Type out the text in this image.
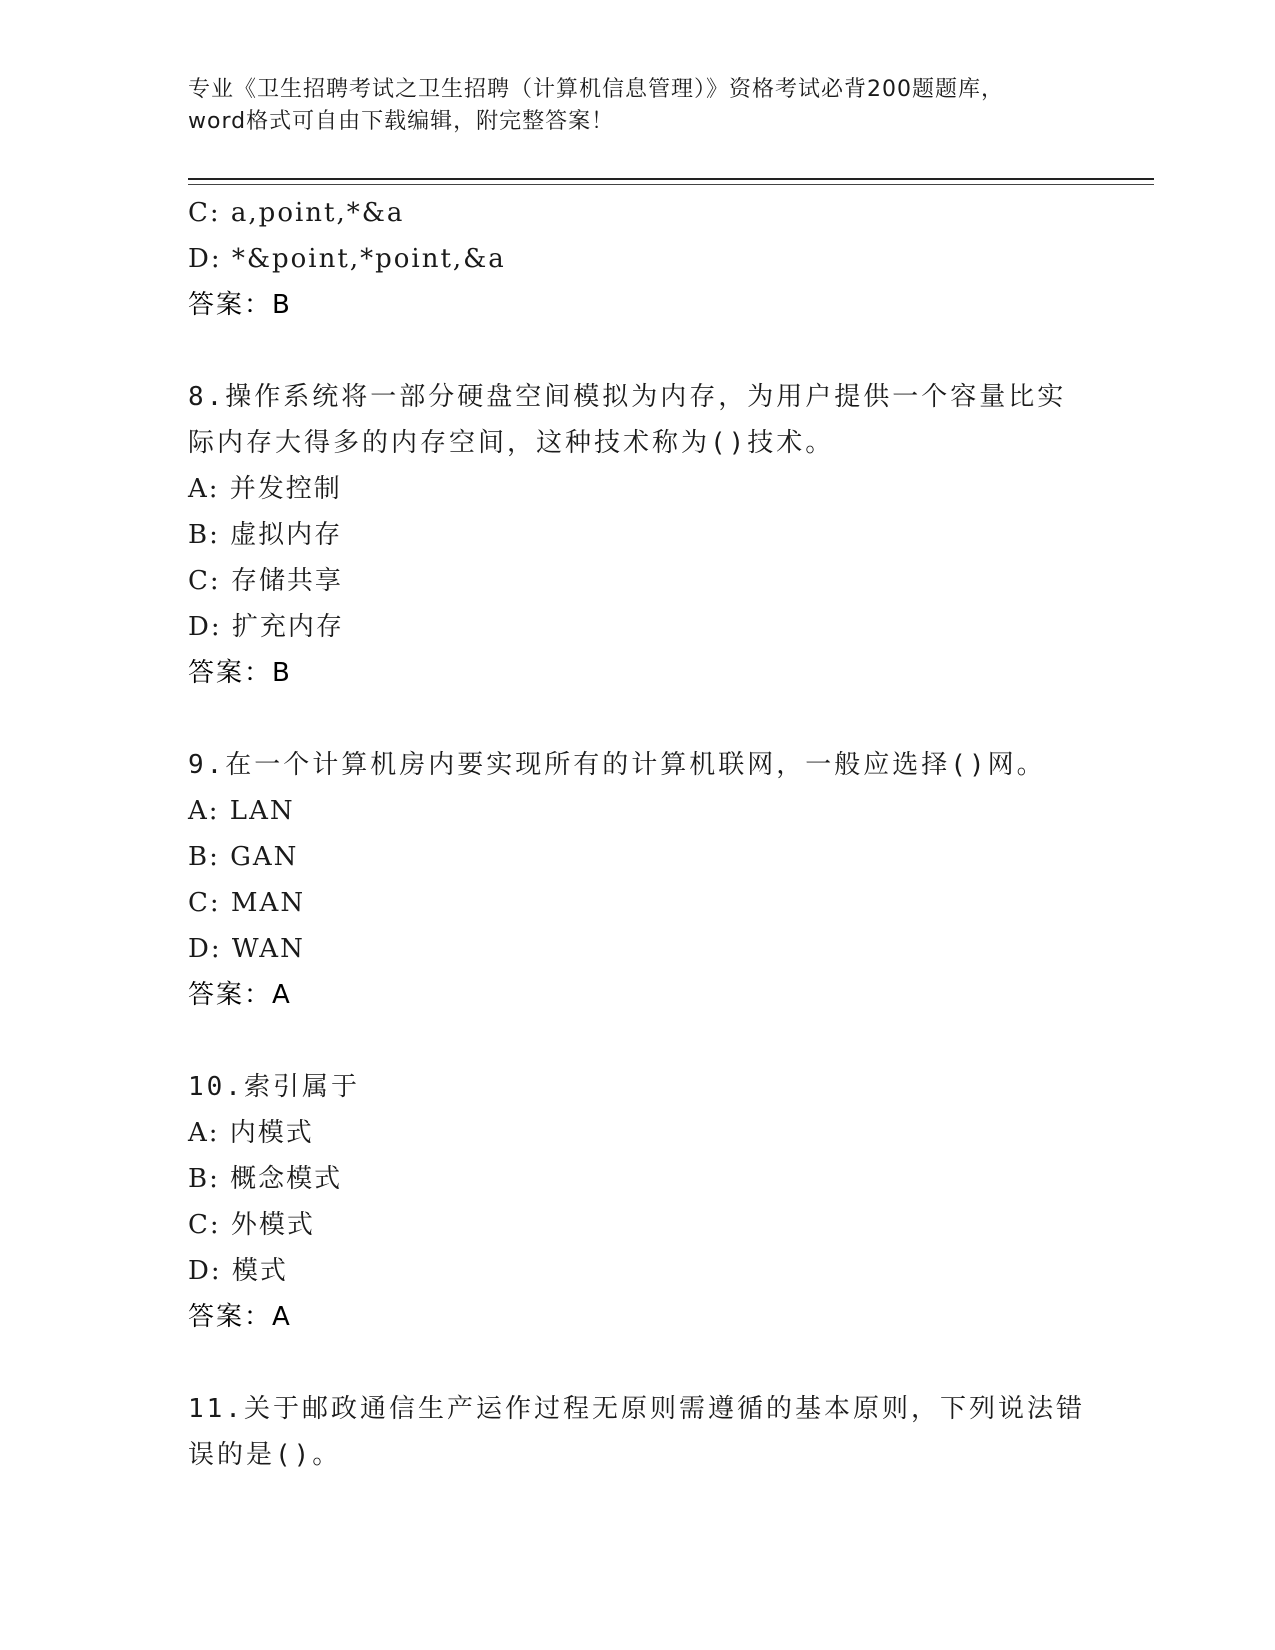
专业《卫生招聘考试之卫生招聘（计算机信息管理）》资格考试必背200题题库，
word格式可自由下载编辑，附完整答案！
C: a,point,*&a
D: *&point,*point,&a
答案：B
8.操作系统将一部分硬盘空间模拟为内存，为用户提供一个容量比实
际内存大得多的内存空间，这种技术称为()技术。
A: 并发控制
B: 虚拟内存
C: 存储共享
D: 扩充内存
答案：B
9.在一个计算机房内要实现所有的计算机联网，一般应选择()网。
A: LAN
B: GAN
C: MAN
D: WAN
答案：A
10.索引属于
A: 内模式
B: 概念模式
C: 外模式
D: 模式
答案：A
11.关于邮政通信生产运作过程无原则需遵循的基本原则，下列说法错
误的是()。
